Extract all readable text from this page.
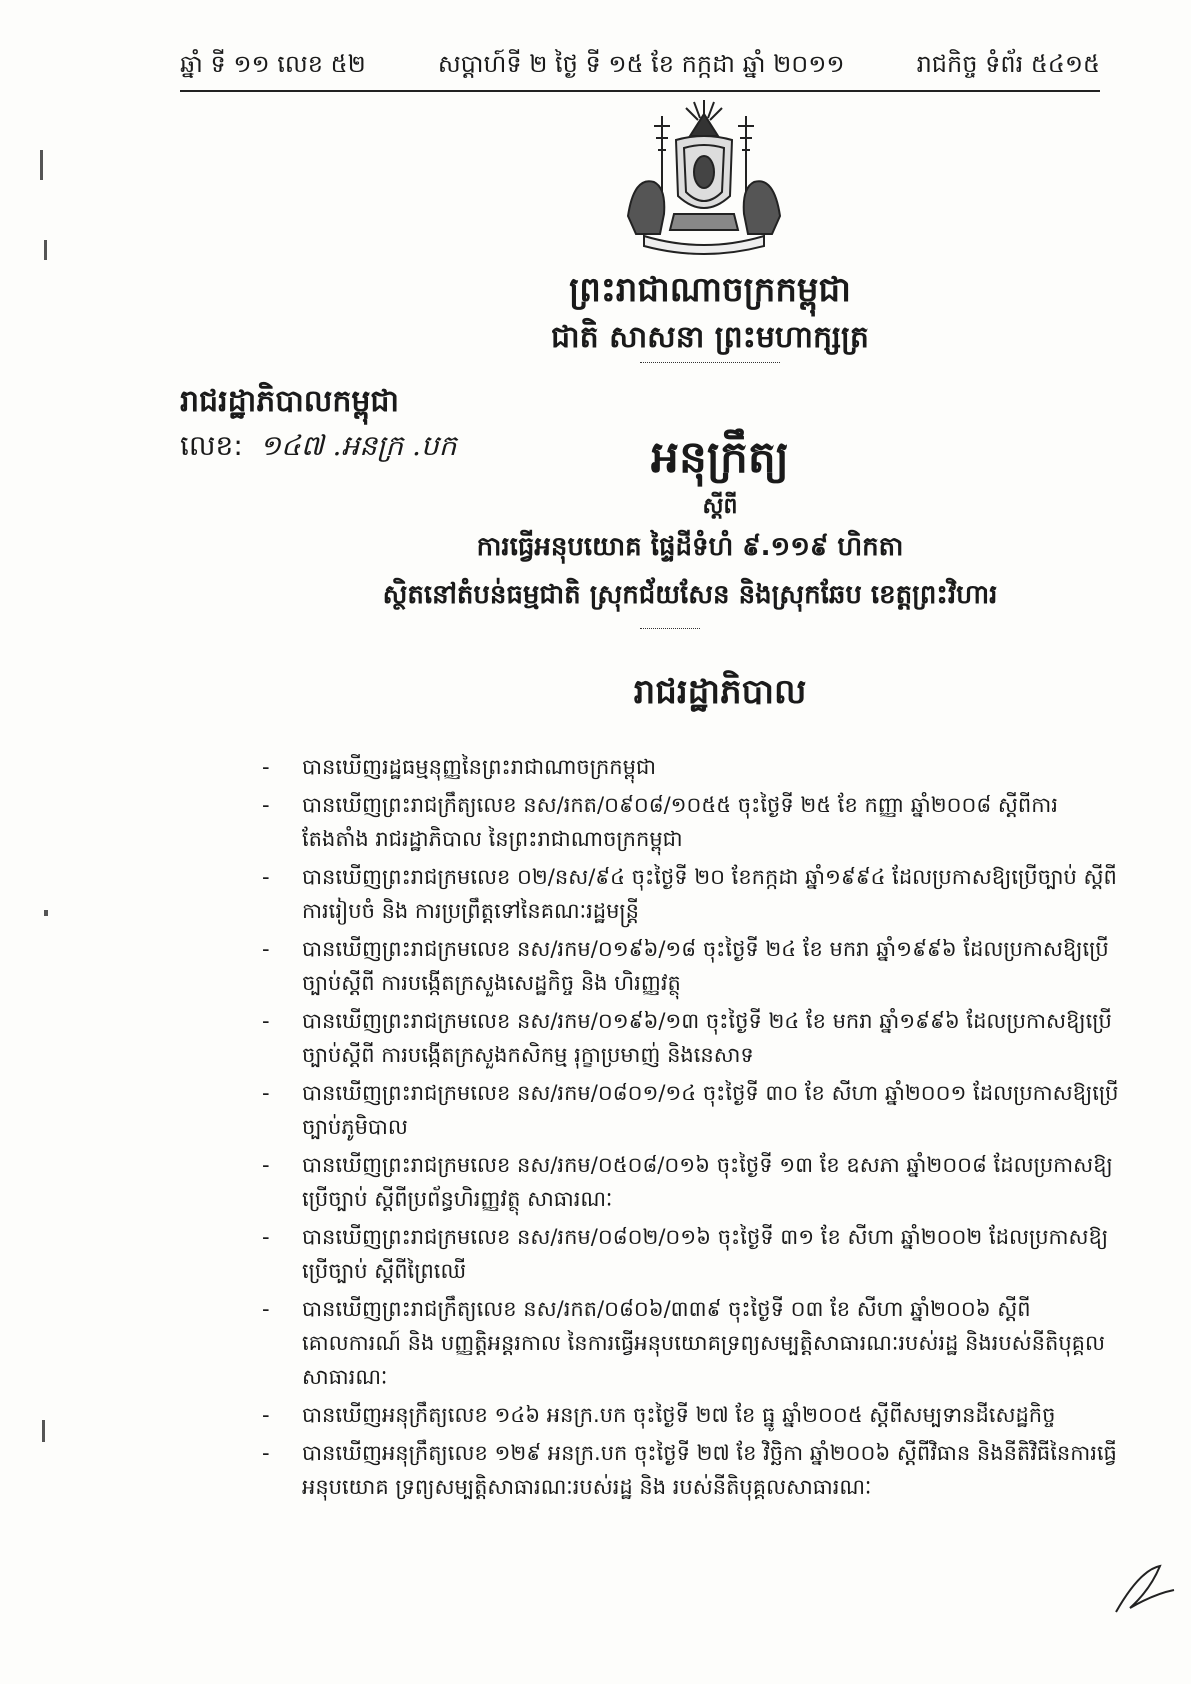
ឆ្នាំ ទី ១១ លេខ ៥២	សប្តាហ៍ទី ២ ថ្ងៃ ទី ១៥ ខែ កក្កដា ឆ្នាំ ២០១១	រាជកិច្ច ទំព័រ ៥៤១៥
ព្រះរាជាណាចក្រកម្ពុជា
ជាតិ សាសនា ព្រះមហាក្សត្រ
រាជរដ្ឋាភិបាលកម្ពុជា
លេខ: ១៤៧ .អនក្រ .បក	អនុក្រឹត្យ
ស្តីពី
ការធ្វើអនុបយោគ ផ្ទៃដីទំហំ ៩.១១៩ ហិកតា
ស្ថិតនៅតំបន់ធម្មជាតិ ស្រុកជ័យសែន និងស្រុកឆែប ខេត្តព្រះវិហារ
រាជរដ្ឋាភិបាល
- បានឃើញរដ្ឋធម្មនុញ្ញនៃព្រះរាជាណាចក្រកម្ពុជា
- បានឃើញព្រះរាជក្រឹត្យលេខ នស/រកត/០៩០៨/១០៥៥ ចុះថ្ងៃទី ២៥ ខែ កញ្ញា ឆ្នាំ២០០៨ ស្តីពីការតែងតាំង រាជរដ្ឋាភិបាល នៃព្រះរាជាណាចក្រកម្ពុជា
- បានឃើញព្រះរាជក្រមលេខ ០២/នស/៩៤ ចុះថ្ងៃទី ២០ ខែកក្កដា ឆ្នាំ១៩៩៤ ដែលប្រកាសឱ្យប្រើច្បាប់ ស្តីពីការរៀបចំ និង ការប្រព្រឹត្តទៅនៃគណៈរដ្ឋមន្ត្រី
- បានឃើញព្រះរាជក្រមលេខ នស/រកម/០១៩៦/១៨ ចុះថ្ងៃទី ២៤ ខែ មករា ឆ្នាំ១៩៩៦ ដែលប្រកាសឱ្យប្រើច្បាប់ស្តីពី ការបង្កើតក្រសួងសេដ្ឋកិច្ច និង ហិរញ្ញវត្ថុ
- បានឃើញព្រះរាជក្រមលេខ នស/រកម/០១៩៦/១៣ ចុះថ្ងៃទី ២៤ ខែ មករា ឆ្នាំ១៩៩៦ ដែលប្រកាសឱ្យប្រើច្បាប់ស្តីពី ការបង្កើតក្រសួងកសិកម្ម រុក្ខាប្រមាញ់ និងនេសាទ
- បានឃើញព្រះរាជក្រមលេខ នស/រកម/០៨០១/១៤ ចុះថ្ងៃទី ៣០ ខែ សីហា ឆ្នាំ២០០១ ដែលប្រកាសឱ្យប្រើ ច្បាប់ភូមិបាល
- បានឃើញព្រះរាជក្រមលេខ នស/រកម/០៥០៨/០១៦ ចុះថ្ងៃទី ១៣ ខែ ឧសភា ឆ្នាំ២០០៨ ដែលប្រកាសឱ្យប្រើច្បាប់ ស្តីពីប្រព័ន្ធហិរញ្ញវត្ថុ សាធារណៈ
- បានឃើញព្រះរាជក្រមលេខ នស/រកម/០៨០២/០១៦ ចុះថ្ងៃទី ៣១ ខែ សីហា ឆ្នាំ២០០២ ដែលប្រកាសឱ្យប្រើច្បាប់ ស្តីពីព្រៃឈើ
- បានឃើញព្រះរាជក្រឹត្យលេខ នស/រកត/០៨០៦/៣៣៩ ចុះថ្ងៃទី ០៣ ខែ សីហា ឆ្នាំ២០០៦ ស្តីពីគោលការណ៍ និង បញ្ញត្តិអន្តរកាល នៃការធ្វើអនុបយោគទ្រព្យសម្បត្តិសាធារណៈរបស់រដ្ឋ និងរបស់នីតិបុគ្គលសាធារណៈ
- បានឃើញអនុក្រឹត្យលេខ ១៤៦ អនក្រ.បក ចុះថ្ងៃទី ២៧ ខែ ធ្នូ ឆ្នាំ២០០៥ ស្តីពីសម្បទានដីសេដ្ឋកិច្ច
- បានឃើញអនុក្រឹត្យលេខ ១២៩ អនក្រ.បក ចុះថ្ងៃទី ២៧ ខែ វិច្ឆិកា ឆ្នាំ២០០៦ ស្តីពីវិធាន និងនីតិវិធីនៃការធ្វើអនុបយោគ ទ្រព្យសម្បត្តិសាធារណៈរបស់រដ្ឋ និង របស់នីតិបុគ្គលសាធារណៈ
